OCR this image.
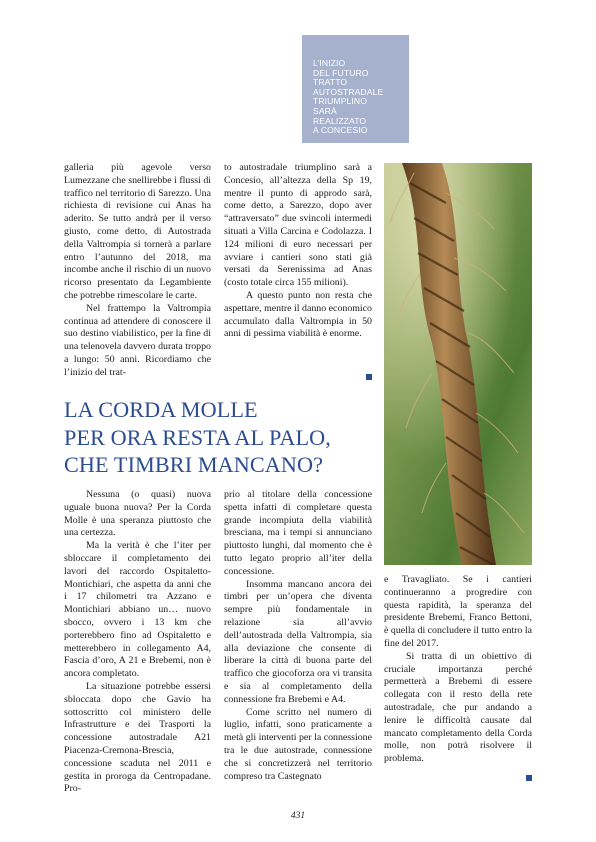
L’INIZIO
DEL FUTURO
TRATTO
AUTOSTRADALE
TRIUMPLINO
SARÀ
REALIZZATO
A CONCESIO

galleria più agevole verso Lumezzane che snellirebbe i flussi di traffico nel territorio di Sarezzo. Una richiesta di revisione cui Anas ha aderito. Se tutto andrà per il verso giusto, come detto, di Autostrada della Valtrompia si tornerà a parlare entro l’autunno del 2018, ma incombe anche il rischio di un nuovo ricorso presentato da Legambiente che potrebbe rimescolare le carte.

Nel frattempo la Valtrompia continua ad attendere di conoscere il suo destino viabilistico, per la fine di una telenovela davvero durata troppo a lungo: 50 anni. Ricordiamo che l’inizio del trat-

to autostradale triumplino sarà a Concesio, all’altezza della Sp 19, mentre il punto di approdo sarà, come detto, a Sarezzo, dopo aver “attraversato” due svincoli intermedi situati a Villa Carcina e Codolazza. I 124 milioni di euro necessari per avviare i cantieri sono stati già versati da Serenissima ad Anas (costo totale circa 155 milioni).

A questo punto non resta che aspettare, mentre il danno economico accumulato dalla Valtrompia in 50 anni di pessima viabilità è enorme.

LA CORDA MOLLE
PER ORA RESTA AL PALO,
CHE TIMBRI MANCANO?

Nessuna (o quasi) nuova uguale buona nuova? Per la Corda Molle è una speranza piuttosto che una certezza.

Ma la verità è che l’iter per sbloccare il completamento dei lavori del raccordo Ospitaletto-Montichiari, che aspetta da anni che i 17 chilometri tra Azzano e Montichiari abbiano un… nuovo sbocco, ovvero i 13 km che porterebbero fino ad Ospitaletto e metterebbero in collegamento A4, Fascia d’oro, A 21 e Brebemi, non è ancora completato.

La situazione potrebbe essersi sbloccata dopo che Gavio ha sottoscritto col ministero delle Infrastrutture e dei Trasporti la concessione autostradale A21 Piacenza-Cremona-Brescia, concessione scaduta nel 2011 e gestita in proroga da Centropadane. Pro-

prio al titolare della concessione spetta infatti di completare questa grande incompiuta della viabilità bresciana, ma i tempi si annunciano piuttosto lunghi, dal momento che è tutto legato proprio all’iter della concessione.

Insomma mancano ancora dei timbri per un’opera che diventa sempre più fondamentale in relazione sia all’avvio dell’autostrada della Valtrompia, sia alla deviazione che consente di liberare la città di buona parte del traffico che giocoforza ora vi transita e sia al completamento della connessione fra Brebemi e A4.

Come scritto nel numero di luglio, infatti, sono praticamente a metà gli interventi per la connessione tra le due autostrade, connessione che si concretizzerà nel territorio compreso tra Castegnato

e Travagliato. Se i cantieri continueranno a progredire con questa rapidità, la speranza del presidente Brebemi, Franco Bettoni, è quella di concludere il tutto entro la fine del 2017.

Si tratta di un obiettivo di cruciale importanza perché permetterà a Brebemi di essere collegata con il resto della rete autostradale, che pur andando a lenire le difficoltà causate dal mancato completamento della Corda molle, non potrà risolvere il problema.

431
